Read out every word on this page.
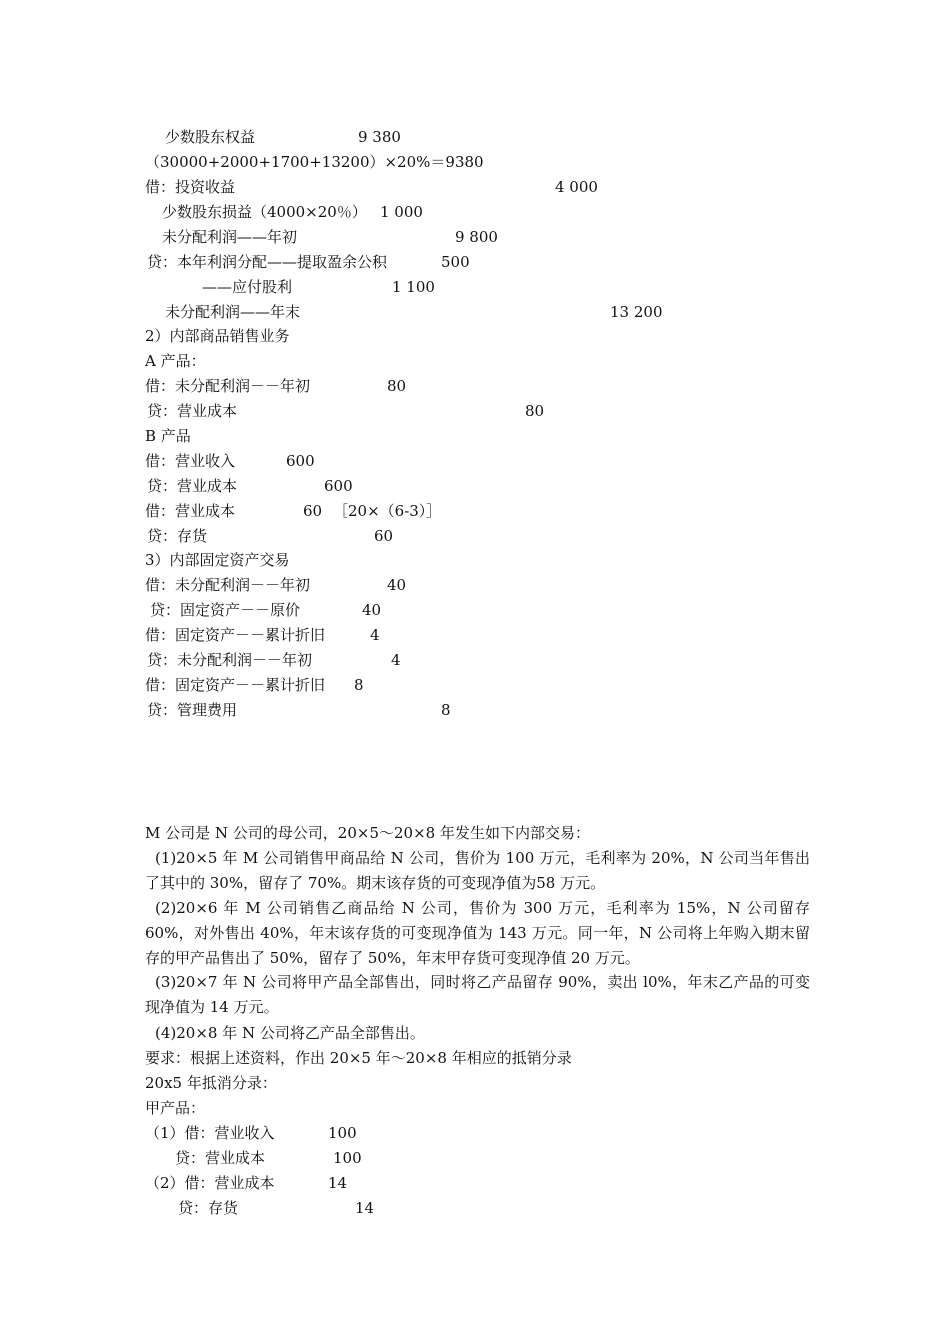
少数股东权益	9 380
（30000+2000+1700+13200）×20%＝9380
借：投资收益	4 000
少数股东损益（4000×20％） 1 000
未分配利润——年初	9 800
贷：本年利润分配——提取盈余公积	500
——应付股利	1 100
未分配利润——年末	13 200
2）内部商品销售业务
A 产品：
借：未分配利润－－年初	80
贷：营业成本	80
B 产品
借：营业收入	600
贷：营业成本	600
借：营业成本	60 ［20×（6-3）］
贷：存货	60
3）内部固定资产交易
借：未分配利润－－年初	40
贷：固定资产－－原价	40
借：固定资产－－累计折旧	4
贷：未分配利润－－年初	4
借：固定资产－－累计折旧 8
贷：管理费用	8
M 公司是 N 公司的母公司，20×5～20×8 年发生如下内部交易：
(1)20×5 年 M 公司销售甲商品给 N 公司，售价为 100 万元，毛利率为 20%，N 公司当年售出了其中的 30%，留存了 70%。期末该存货的可变现净值为58 万元。
(2)20×6 年 M 公司销售乙商品给 N 公司，售价为 300 万元，毛利率为 15%，N 公司留存 60%，对外售出 40%，年末该存货的可变现净值为 143 万元。同一年，N 公司将上年购入期末留存的甲产品售出了 50%，留存了 50%，年末甲存货可变现净值 20 万元。
(3)20×7 年 N 公司将甲产品全部售出，同时将乙产品留存 90%，卖出 l0%，年末乙产品的可变现净值为 14 万元。
(4)20×8 年 N 公司将乙产品全部售出。
要求：根据上述资料，作出 20×5 年～20×8 年相应的抵销分录
20x5 年抵消分录：
甲产品：
（1）借：营业收入	100
贷：营业成本	100
（2）借：营业成本	14
贷：存货	14
